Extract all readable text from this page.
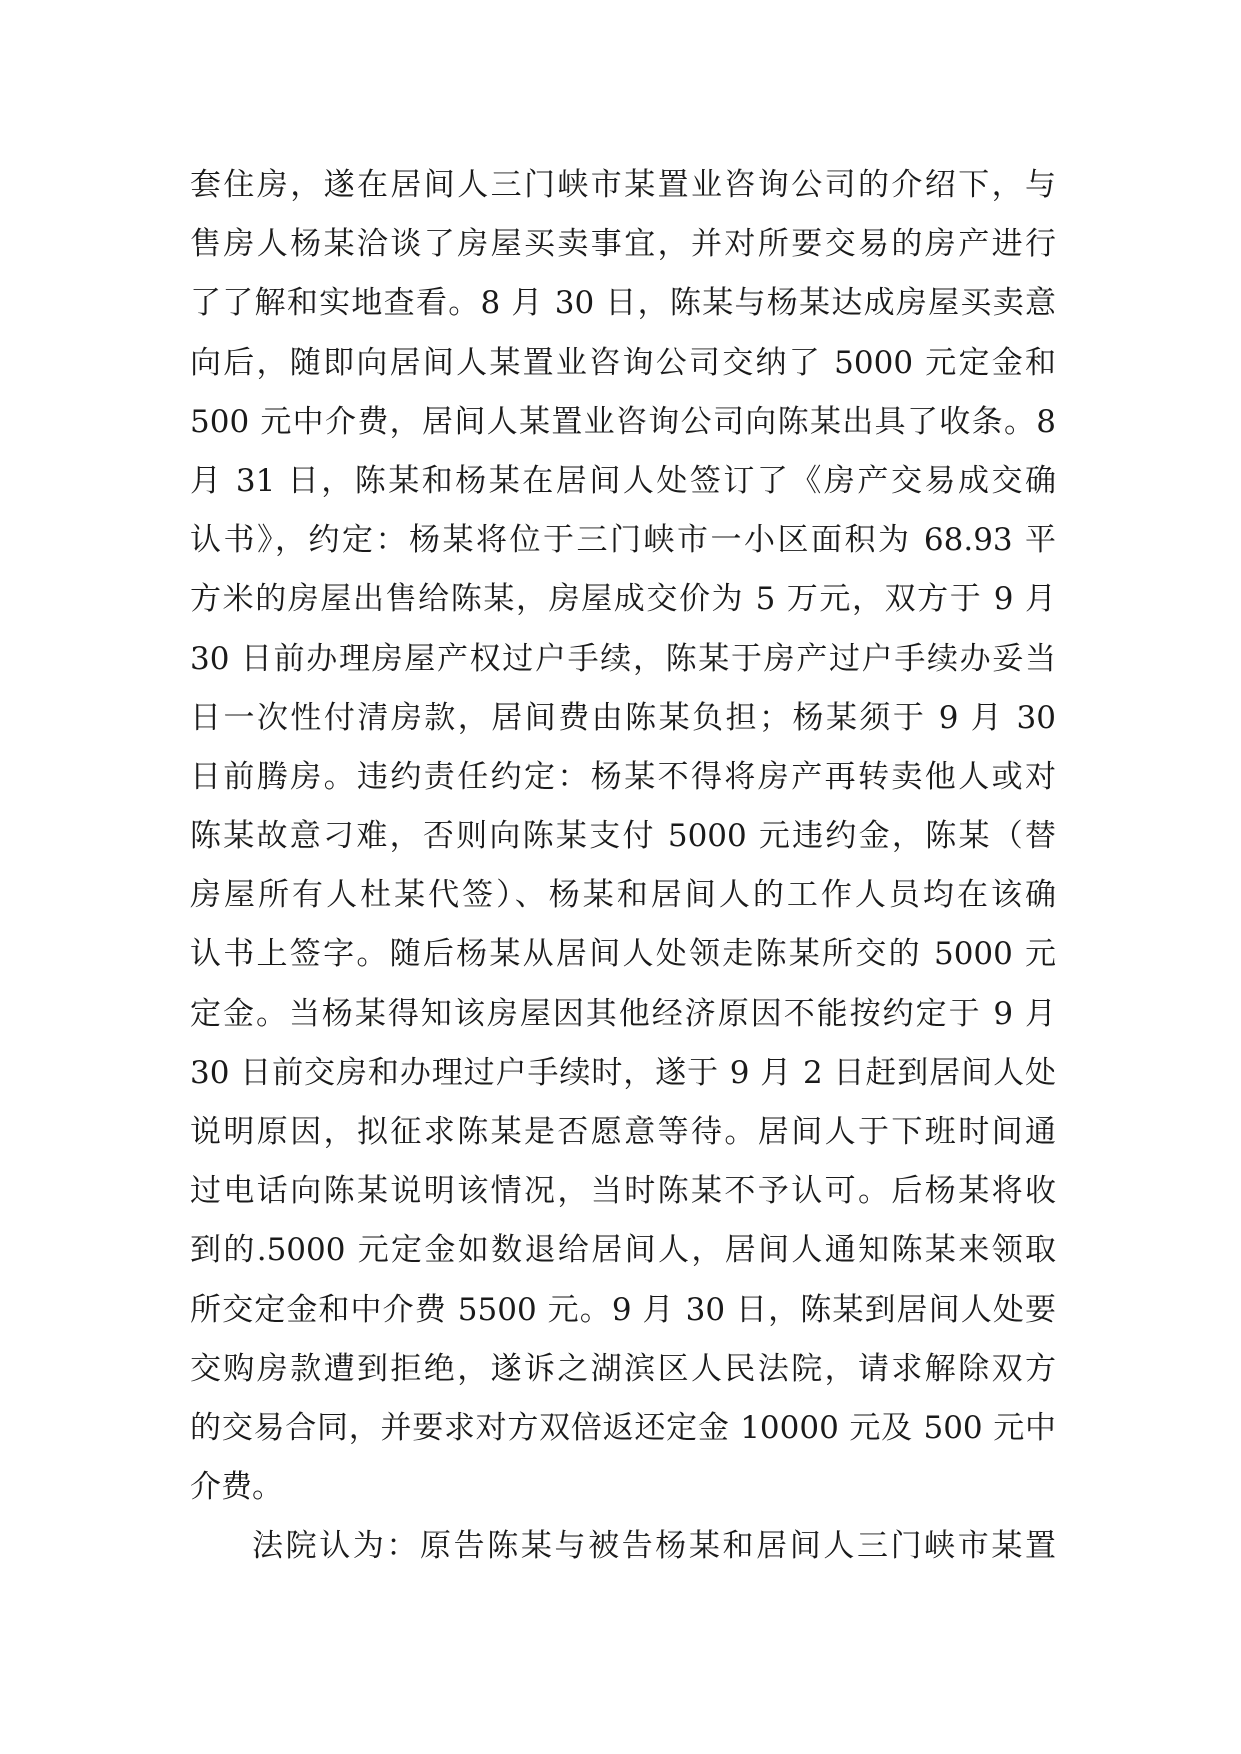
套住房，遂在居间人三门峡市某置业咨询公司的介绍下，与
售房人杨某洽谈了房屋买卖事宜，并对所要交易的房产进行
了了解和实地查看。8 月 30 日，陈某与杨某达成房屋买卖意
向后，随即向居间人某置业咨询公司交纳了 5000 元定金和
500 元中介费，居间人某置业咨询公司向陈某出具了收条。8
月 31 日，陈某和杨某在居间人处签订了《房产交易成交确
认书》，约定：杨某将位于三门峡市一小区面积为 68.93 平
方米的房屋出售给陈某，房屋成交价为 5 万元，双方于 9 月
30 日前办理房屋产权过户手续，陈某于房产过户手续办妥当
日一次性付清房款，居间费由陈某负担；杨某须于 9 月 30
日前腾房。违约责任约定：杨某不得将房产再转卖他人或对
陈某故意刁难，否则向陈某支付 5000 元违约金，陈某（替
房屋所有人杜某代签）、杨某和居间人的工作人员均在该确
认书上签字。随后杨某从居间人处领走陈某所交的 5000 元
定金。当杨某得知该房屋因其他经济原因不能按约定于 9 月
30 日前交房和办理过户手续时，遂于 9 月 2 日赶到居间人处
说明原因，拟征求陈某是否愿意等待。居间人于下班时间通
过电话向陈某说明该情况，当时陈某不予认可。后杨某将收
到的.5000 元定金如数退给居间人，居间人通知陈某来领取
所交定金和中介费 5500 元。9 月 30 日，陈某到居间人处要
交购房款遭到拒绝，遂诉之湖滨区人民法院，请求解除双方
的交易合同，并要求对方双倍返还定金 10000 元及 500 元中
介费。
法院认为：原告陈某与被告杨某和居间人三门峡市某置
